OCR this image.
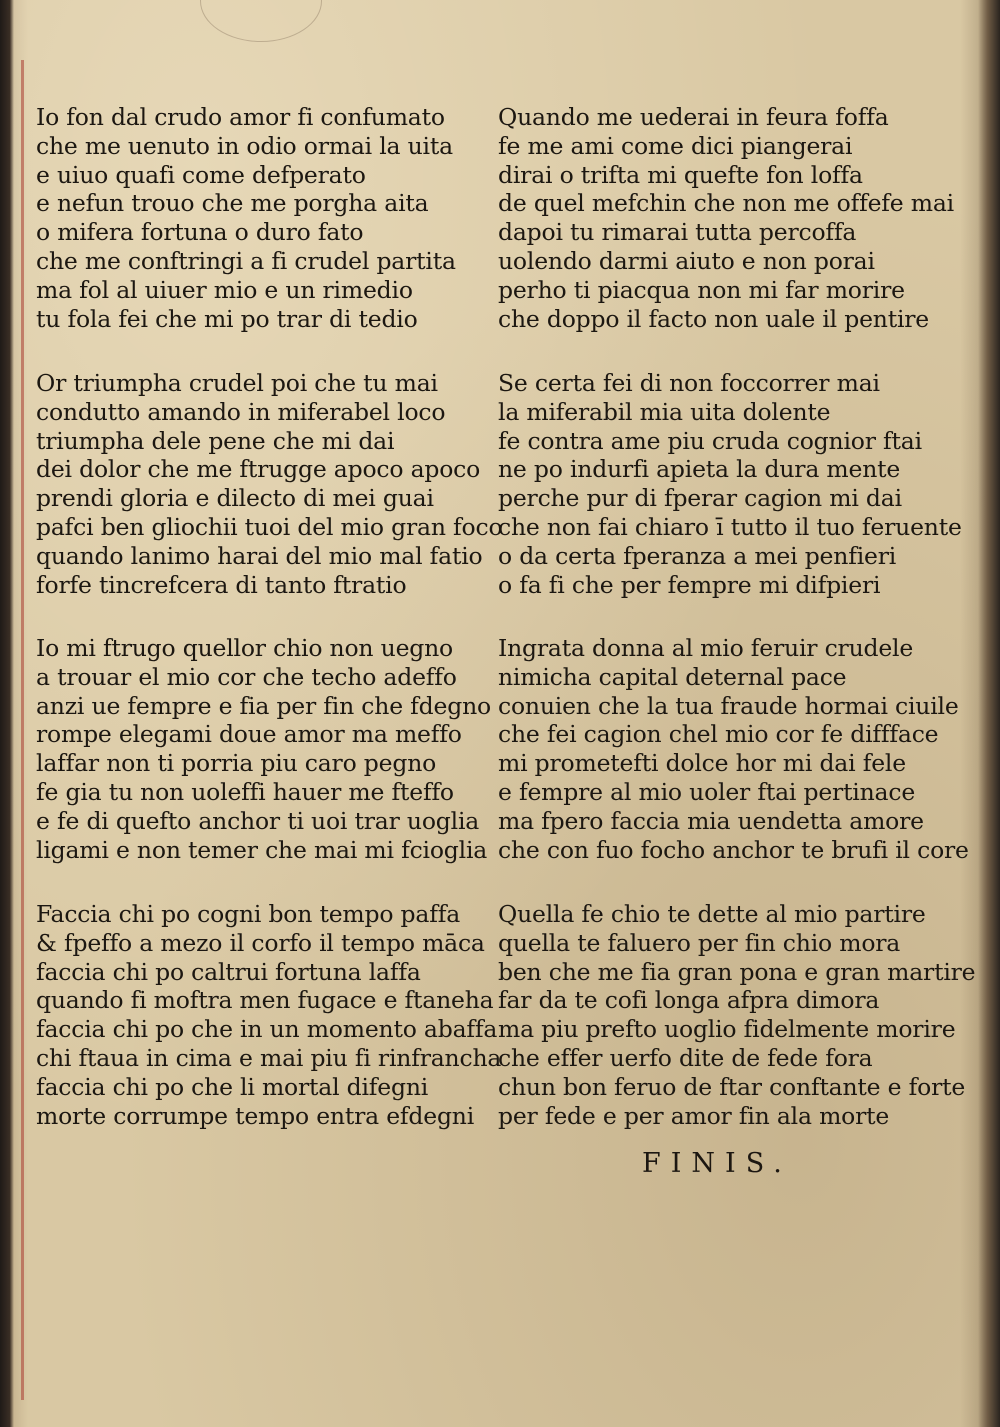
Io fon dal crudo amor fi confumato
che me uenuto in odio ormai la uita
e uiuo quafi come defperato
e nefun trouo che me porgha aita
o mifera fortuna o duro fato
che me conftringi a fi crudel partita
ma fol al uiuer mio e un rimedio
tu fola fei che mi po trar di tedio
Or triumpha crudel poi che tu mai
condutto amando in miferabel loco
triumpha dele pene che mi dai
dei dolor che me ftrugge apoco apoco
prendi gloria e dilecto di mei guai
pafci ben gliochii tuoi del mio gran foco
quando lanimo harai del mio mal fatio
forfe tincrefcera di tanto ftratio
Io mi ftrugo quellor chio non uegno
a trouar el mio cor che techo adeffo
anzi ue fempre e fia per fin che fdegno
rompe elegami doue amor ma meffo
laffar non ti porria piu caro pegno
fe gia tu non uoleffi hauer me fteffo
e fe di quefto anchor ti uoi trar uoglia
ligami e non temer che mai mi fcioglia
Faccia chi po cogni bon tempo paffa
& fpeffo a mezo il corfo il tempo māca
faccia chi po caltrui fortuna laffa
quando fi moftra men fugace e ftaneha
faccia chi po che in un momento abaffa
chi ftaua in cima e mai piu fi rinfrancha
faccia chi po che li mortal difegni
morte corrumpe tempo entra efdegni
Quando me uederai in feura foffa
fe me ami come dici piangerai
dirai o trifta mi quefte fon loffa
de quel mefchin che non me offefe mai
dapoi tu rimarai tutta percoffa
uolendo darmi aiuto e non porai
perho ti piacqua non mi far morire
che doppo il facto non uale il pentire
Se certa fei di non foccorrer mai
la miferabil mia uita dolente
fe contra ame piu cruda cognior ftai
ne po indurfi apieta la dura mente
perche pur di fperar cagion mi dai
che non fai chiaro ī tutto il tuo feruente
o da certa fperanza a mei penfieri
o fa fi che per fempre mi difpieri
Ingrata donna al mio feruir crudele
nimicha capital deternal pace
conuien che la tua fraude hormai ciuile
che fei cagion chel mio cor fe diffface
mi prometefti dolce hor mi dai fele
e fempre al mio uoler ftai pertinace
ma fpero faccia mia uendetta amore
che con fuo focho anchor te brufi il core
Quella fe chio te dette al mio partire
quella te faluero per fin chio mora
ben che me fia gran pona e gran martire
far da te cofi longa afpra dimora
ma piu prefto uoglio fidelmente morire
che effer uerfo dite de fede fora
chun bon feruo de ftar conftante e forte
per fede e per amor fin ala morte
FINIS.
